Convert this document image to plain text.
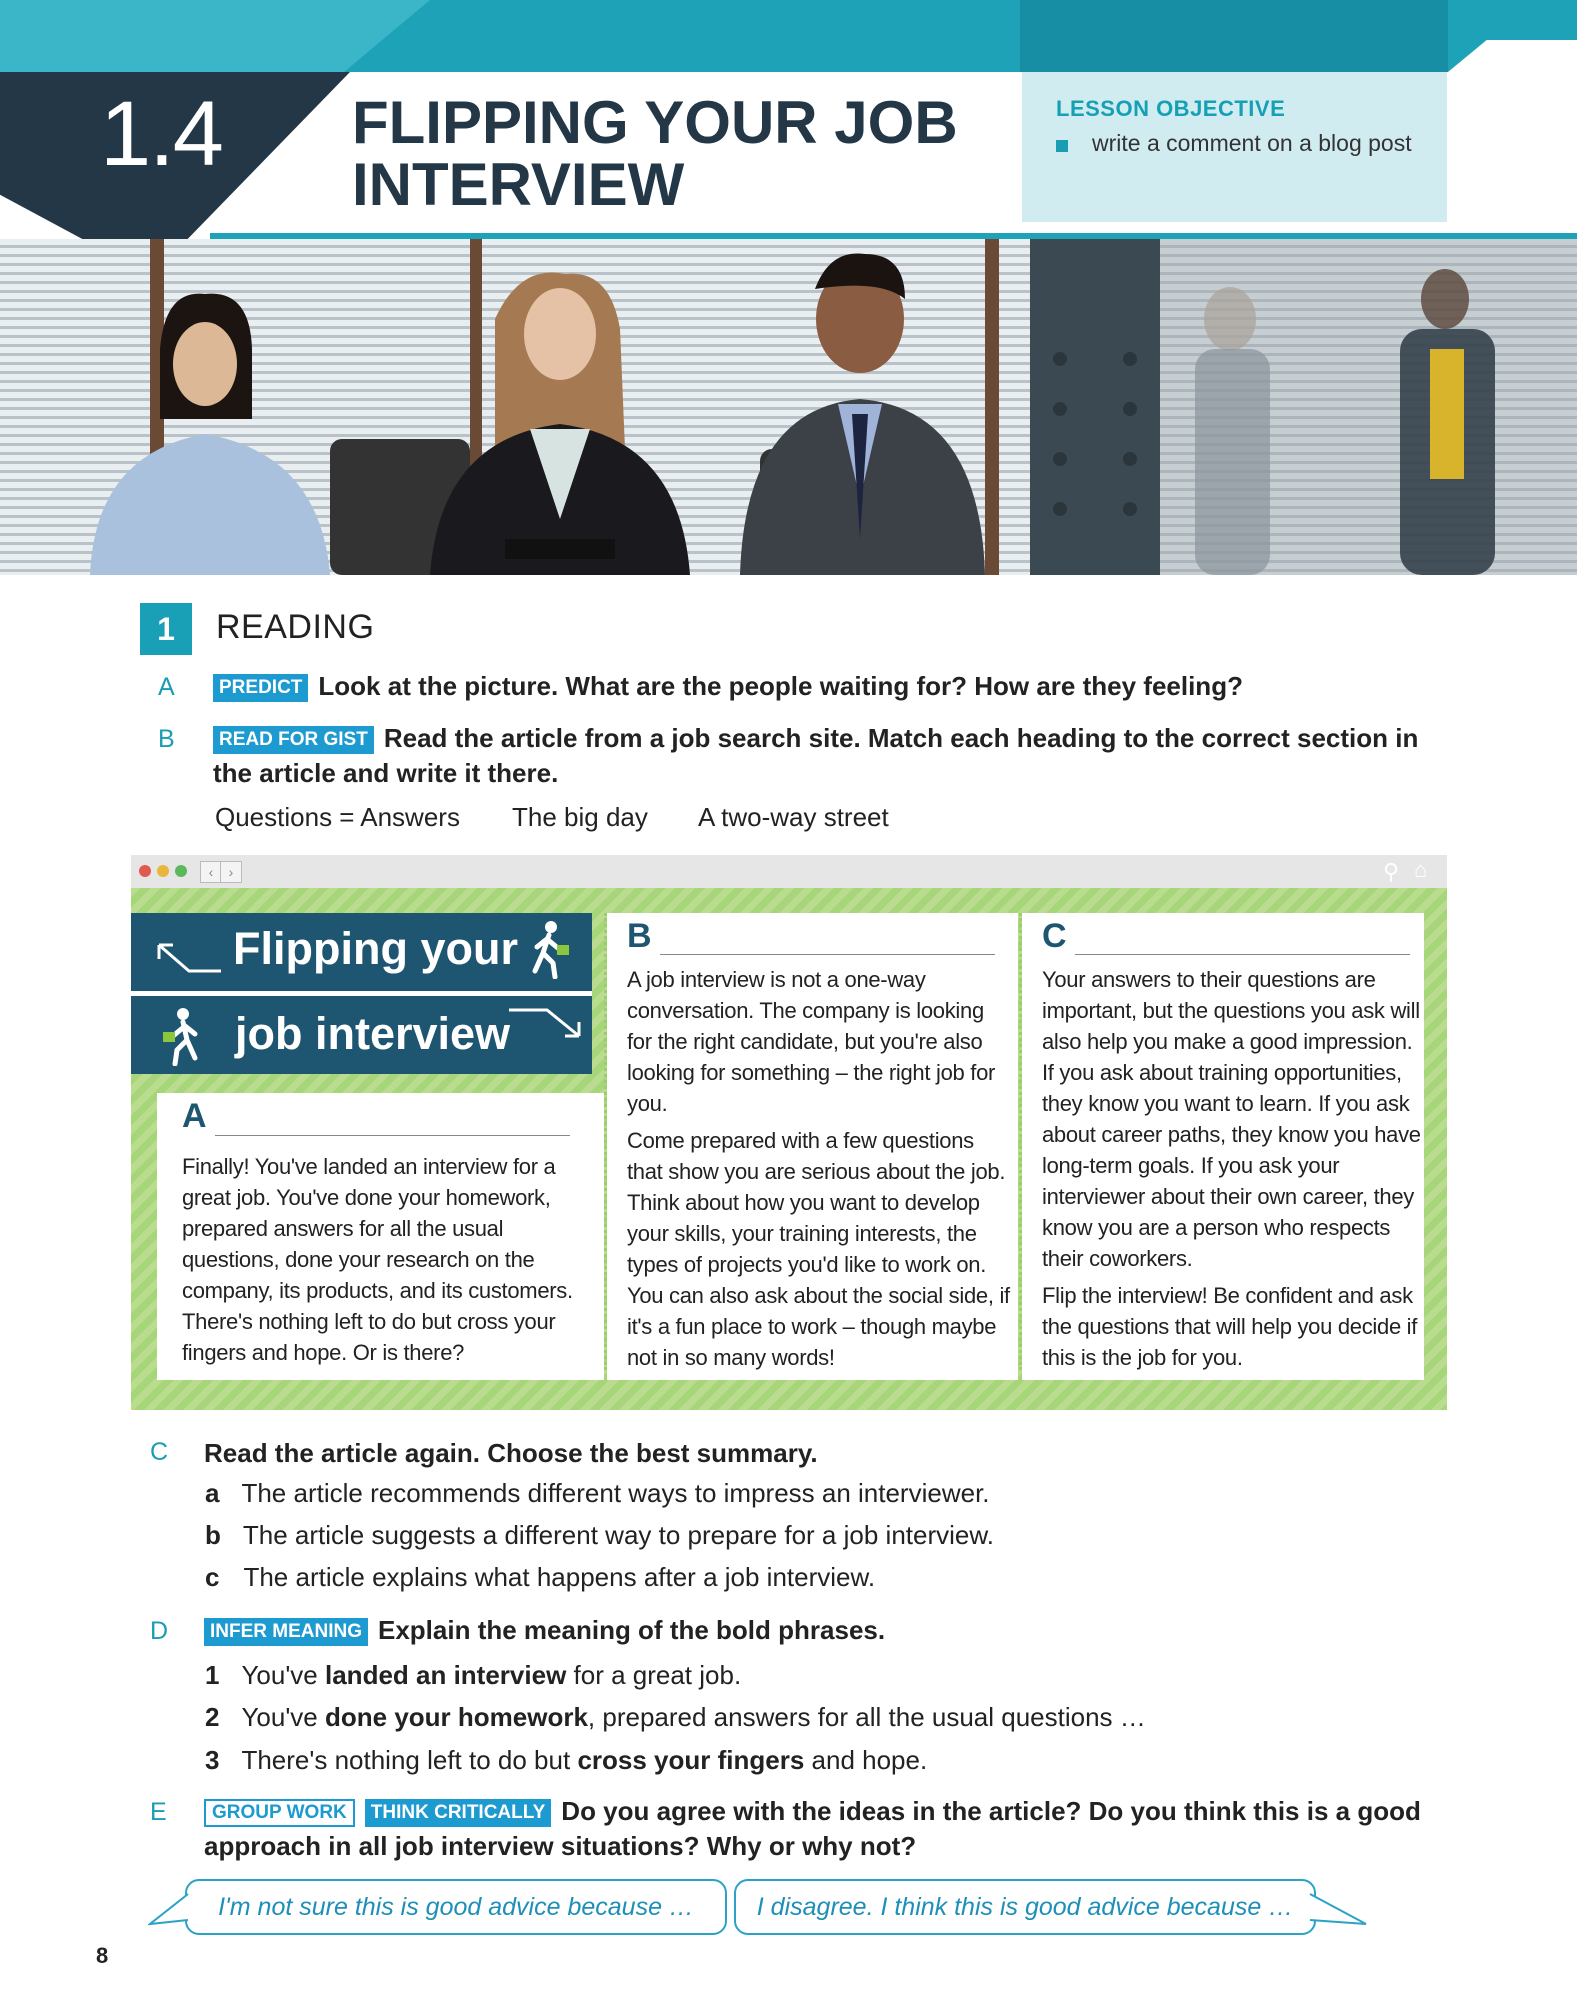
1.4 FLIPPING YOUR JOB
INTERVIEW
LESSON OBJECTIVE
write a comment on a blog post
1	READING
A	PREDICT Look at the picture. What are the people waiting for? How are they feeling?
B	READ FOR GIST Read the article from a job search site. Match each heading to the correct section in the article and write it there.
Questions = Answers The big day A two-way street
‹	›	⚲ ⌂
Flipping your
job interview
A

Finally! You've landed an interview for a great job. You've done your homework, prepared answers for all the usual questions, done your research on the company, its products, and its customers. There's nothing left to do but cross your fingers and hope. Or is there?

B

A job interview is not a one-way conversation. The company is looking for the right candidate, but you're also looking for something – the right job for you.

Come prepared with a few questions that show you are serious about the job. Think about how you want to develop your skills, your training interests, the types of projects you'd like to work on. You can also ask about the social side, if it's a fun place to work – though maybe not in so many words!

C

Your answers to their questions are important, but the questions you ask will also help you make a good impression. If you ask about training opportunities, they know you want to learn. If you ask about career paths, they know you have long-term goals. If you ask your interviewer about their own career, they know you are a person who respects their coworkers.

Flip the interview! Be confident and ask the questions that will help you decide if this is the job for you.

C Read the article again. Choose the best summary.
a The article recommends different ways to impress an interviewer.
b The article suggests a different way to prepare for a job interview.
c The article explains what happens after a job interview.
D	INFER MEANING Explain the meaning of the bold phrases.
1 You've landed an interview for a great job.
2 You've done your homework, prepared answers for all the usual questions …
3 There's nothing left to do but cross your fingers and hope.
E	GROUP WORK THINK CRITICALLY Do you agree with the ideas in the article? Do you think this is a good approach in all job interview situations? Why or why not?
I'm not sure this is good advice because …	I disagree. I think this is good advice because …
8
